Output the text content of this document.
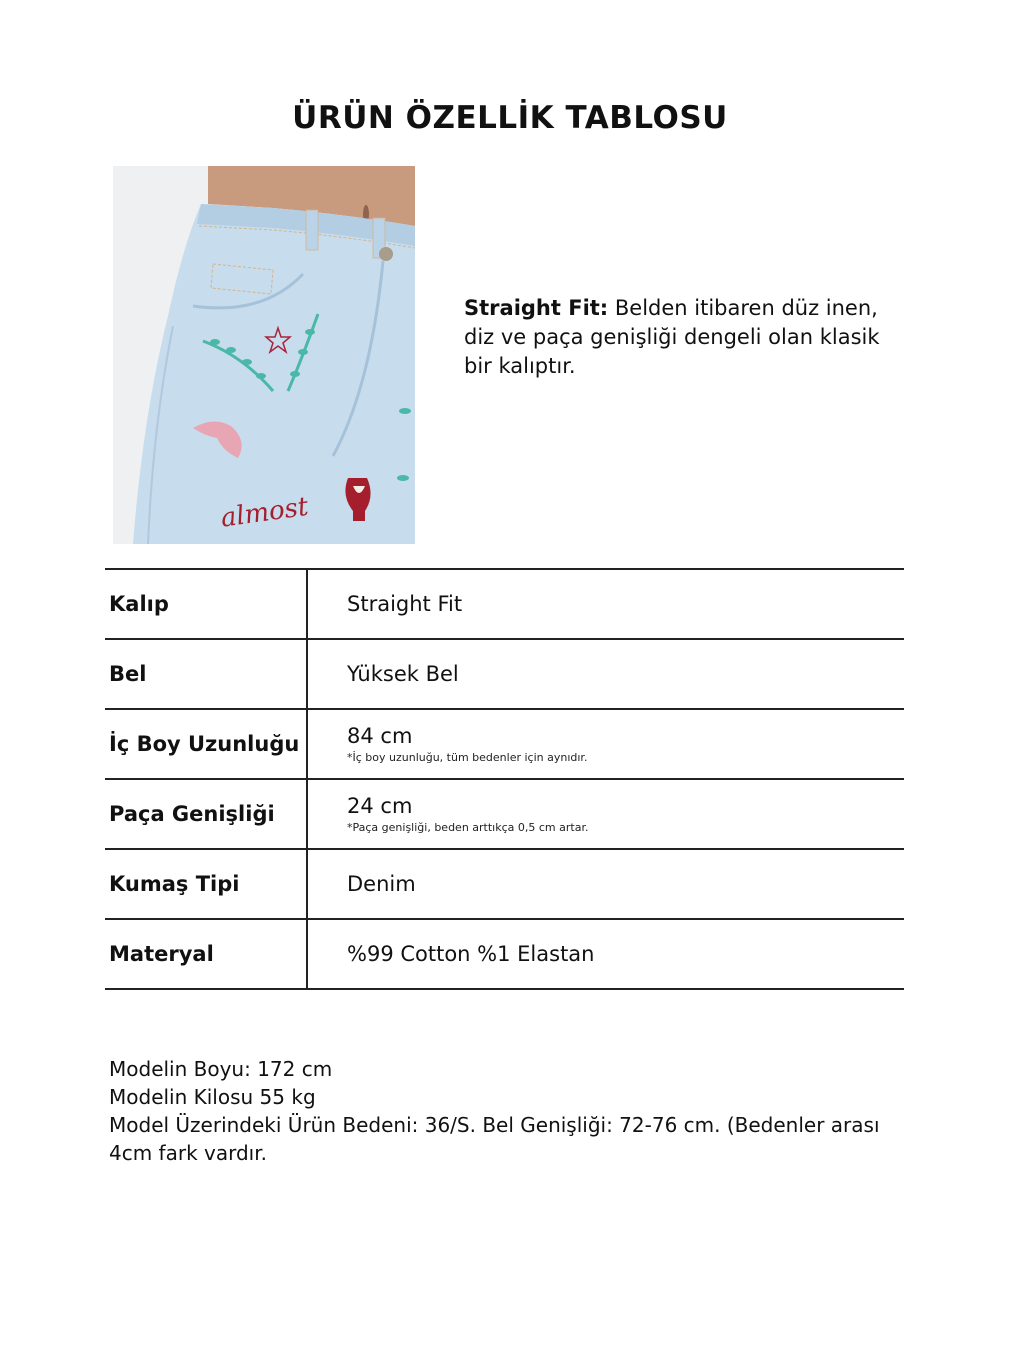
ÜRÜN ÖZELLİK TABLOSU
almost

Straight Fit: Belden itibaren düz inen, diz ve paça genişliği dengeli olan klasik bir kalıptır.

Kalıp	Straight Fit
Bel	Yüksek Bel
İç Boy Uzunluğu	84 cm
*İç boy uzunluğu, tüm bedenler için aynıdır.
Paça Genişliği	24 cm
*Paça genişliği, beden arttıkça 0,5 cm artar.
Kumaş Tipi	Denim
Materyal	%99 Cotton %1 Elastan
Modelin Boyu: 172 cm
Modelin Kilosu 55 kg
Model Üzerindeki Ürün Bedeni: 36/S. Bel Genişliği: 72-76 cm. (Bedenler arası 4cm fark vardır.
